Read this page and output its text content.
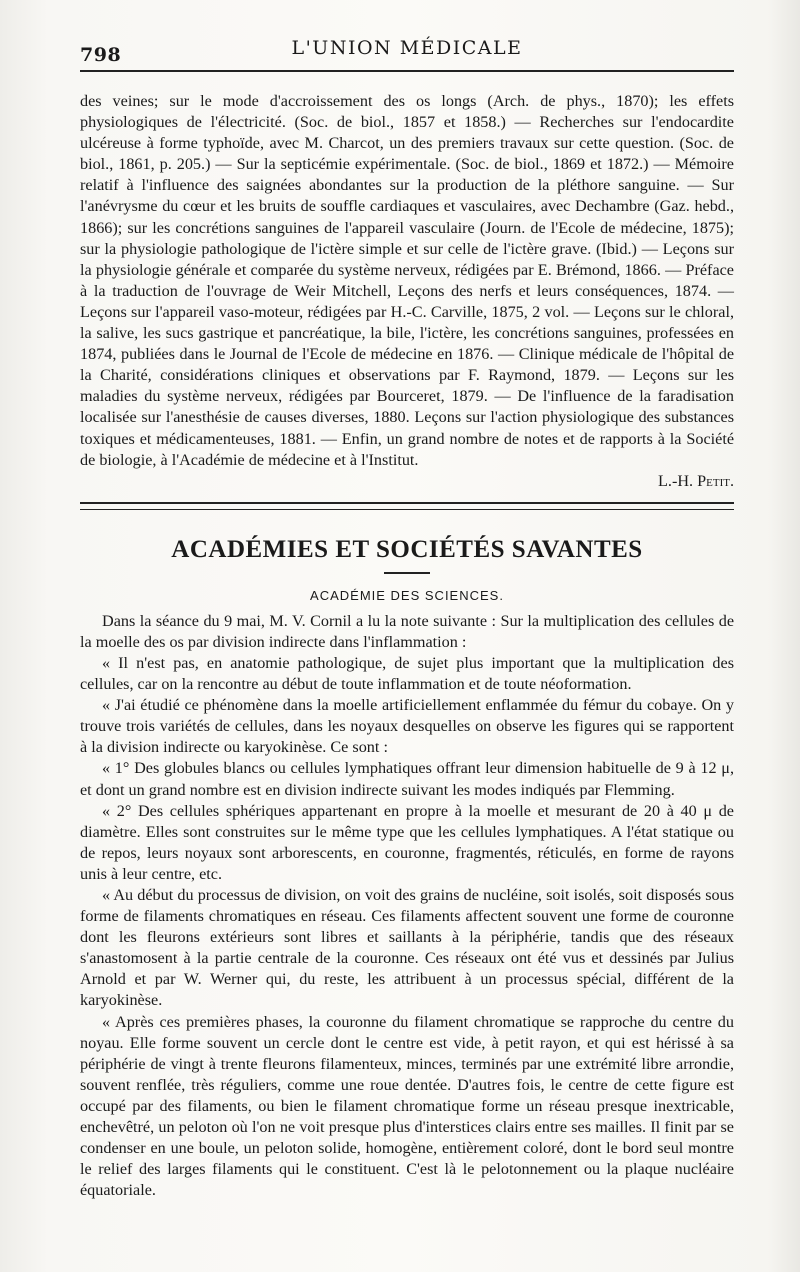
798	L'UNION MÉDICALE

des veines; sur le mode d'accroissement des os longs (Arch. de phys., 1870); les effets physiologiques de l'électricité. (Soc. de biol., 1857 et 1858.) — Recherches sur l'endocardite ulcéreuse à forme typhoïde, avec M. Charcot, un des premiers travaux sur cette question. (Soc. de biol., 1861, p. 205.) — Sur la septicémie expérimentale. (Soc. de biol., 1869 et 1872.) — Mémoire relatif à l'influence des saignées abondantes sur la production de la pléthore sanguine. — Sur l'anévrysme du cœur et les bruits de souffle cardiaques et vasculaires, avec Dechambre (Gaz. hebd., 1866); sur les concrétions sanguines de l'appareil vasculaire (Journ. de l'Ecole de médecine, 1875); sur la physiologie pathologique de l'ictère simple et sur celle de l'ictère grave. (Ibid.) — Leçons sur la physiologie générale et comparée du système nerveux, rédigées par E. Brémond, 1866. — Préface à la traduction de l'ouvrage de Weir Mitchell, Leçons des nerfs et leurs conséquences, 1874. — Leçons sur l'appareil vaso-moteur, rédigées par H.-C. Carville, 1875, 2 vol. — Leçons sur le chloral, la salive, les sucs gastrique et pancréatique, la bile, l'ictère, les concrétions sanguines, professées en 1874, publiées dans le Journal de l'Ecole de médecine en 1876. — Clinique médicale de l'hôpital de la Charité, considérations cliniques et observations par F. Raymond, 1879. — Leçons sur les maladies du système nerveux, rédigées par Bourceret, 1879. — De l'influence de la faradisation localisée sur l'anesthésie de causes diverses, 1880. Leçons sur l'action physiologique des substances toxiques et médicamenteuses, 1881. — Enfin, un grand nombre de notes et de rapports à la Société de biologie, à l'Académie de médecine et à l'Institut.

L.-H. Petit.
ACADÉMIES ET SOCIÉTÉS SAVANTES
ACADÉMIE DES SCIENCES.

Dans la séance du 9 mai, M. V. Cornil a lu la note suivante : Sur la multiplication des cellules de la moelle des os par division indirecte dans l'inflammation :

« Il n'est pas, en anatomie pathologique, de sujet plus important que la multiplication des cellules, car on la rencontre au début de toute inflammation et de toute néoformation.

« J'ai étudié ce phénomène dans la moelle artificiellement enflammée du fémur du cobaye. On y trouve trois variétés de cellules, dans les noyaux desquelles on observe les figures qui se rapportent à la division indirecte ou karyokinèse. Ce sont :

« 1° Des globules blancs ou cellules lymphatiques offrant leur dimension habituelle de 9 à 12 μ, et dont un grand nombre est en division indirecte suivant les modes indiqués par Flemming.

« 2° Des cellules sphériques appartenant en propre à la moelle et mesurant de 20 à 40 μ de diamètre. Elles sont construites sur le même type que les cellules lymphatiques. A l'état statique ou de repos, leurs noyaux sont arborescents, en couronne, fragmentés, réticulés, en forme de rayons unis à leur centre, etc.

« Au début du processus de division, on voit des grains de nucléine, soit isolés, soit disposés sous forme de filaments chromatiques en réseau. Ces filaments affectent souvent une forme de couronne dont les fleurons extérieurs sont libres et saillants à la périphérie, tandis que des réseaux s'anastomosent à la partie centrale de la couronne. Ces réseaux ont été vus et dessinés par Julius Arnold et par W. Werner qui, du reste, les attribuent à un processus spécial, différent de la karyokinèse.

« Après ces premières phases, la couronne du filament chromatique se rapproche du centre du noyau. Elle forme souvent un cercle dont le centre est vide, à petit rayon, et qui est hérissé à sa périphérie de vingt à trente fleurons filamenteux, minces, terminés par une extrémité libre arrondie, souvent renflée, très réguliers, comme une roue dentée. D'autres fois, le centre de cette figure est occupé par des filaments, ou bien le filament chromatique forme un réseau presque inextricable, enchevêtré, un peloton où l'on ne voit presque plus d'interstices clairs entre ses mailles. Il finit par se condenser en une boule, un peloton solide, homogène, entièrement coloré, dont le bord seul montre le relief des larges filaments qui le constituent. C'est là le pelotonnement ou la plaque nucléaire équatoriale.
